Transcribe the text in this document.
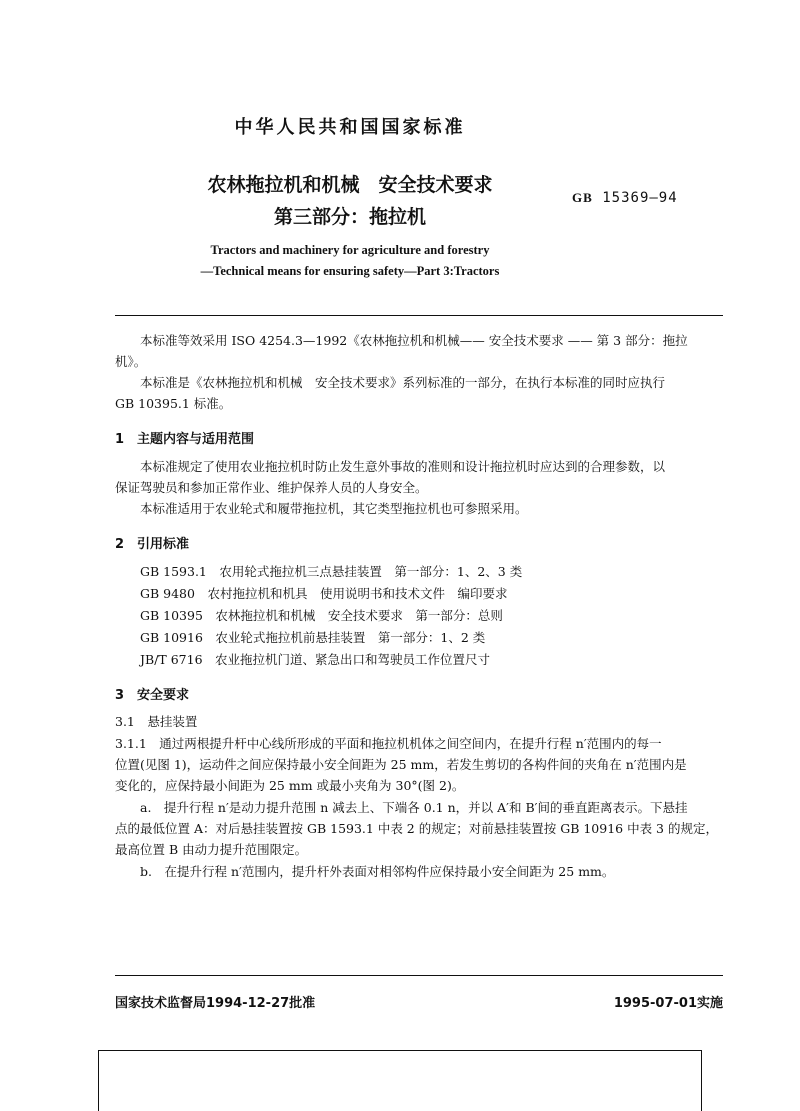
中华人民共和国国家标准
农林拖拉机和机械　安全技术要求
第三部分：拖拉机
GB 15369—94
Tractors and machinery for agriculture and forestry
—Technical means for ensuring safety—Part 3:Tractors
本标准等效采用 ISO 4254.3—1992《农林拖拉机和机械—— 安全技术要求 —— 第 3 部分：拖拉
机》。
本标准是《农林拖拉机和机械　安全技术要求》系列标准的一部分，在执行本标准的同时应执行
GB 10395.1 标准。
1　主题内容与适用范围
本标准规定了使用农业拖拉机时防止发生意外事故的准则和设计拖拉机时应达到的合理参数，以
保证驾驶员和参加正常作业、维护保养人员的人身安全。
本标准适用于农业轮式和履带拖拉机，其它类型拖拉机也可参照采用。
2　引用标准
GB 1593.1　农用轮式拖拉机三点悬挂装置　第一部分：1、2、3 类
GB 9480　农村拖拉机和机具　使用说明书和技术文件　编印要求
GB 10395　农林拖拉机和机械　安全技术要求　第一部分：总则
GB 10916　农业轮式拖拉机前悬挂装置　第一部分：1、2 类
JB/T 6716　农业拖拉机门道、紧急出口和驾驶员工作位置尺寸
3　安全要求
3.1　悬挂装置
3.1.1　通过两根提升杆中心线所形成的平面和拖拉机机体之间空间内，在提升行程 n′范围内的每一
位置(见图 1)，运动件之间应保持最小安全间距为 25 mm，若发生剪切的各构件间的夹角在 n′范围内是
变化的，应保持最小间距为 25 mm 或最小夹角为 30°(图 2)。
a.　提升行程 n′是动力提升范围 n 减去上、下端各 0.1 n，并以 A′和 B′间的垂直距离表示。下悬挂
点的最低位置 A：对后悬挂装置按 GB 1593.1 中表 2 的规定；对前悬挂装置按 GB 10916 中表 3 的规定，
最高位置 B 由动力提升范围限定。
b.　在提升行程 n′范围内，提升杆外表面对相邻构件应保持最小安全间距为 25 mm。
国家技术监督局1994-12-27批准	1995-07-01实施
